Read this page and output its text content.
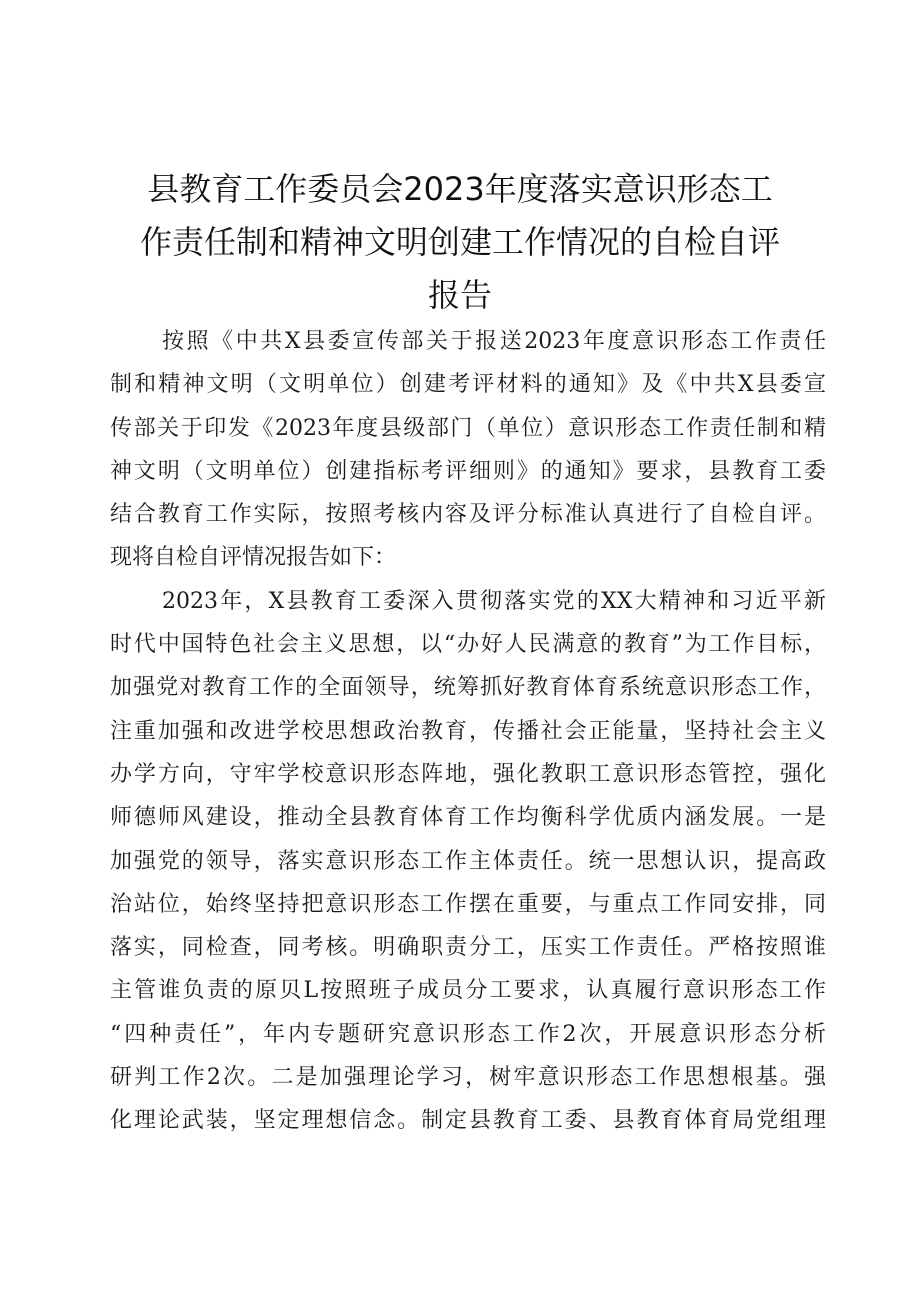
县教育工作委员会2023年度落实意识形态工
作责任制和精神文明创建工作情况的自检自评
报告
按照《中共X县委宣传部关于报送2023年度意识形态工作责任
制和精神文明（文明单位）创建考评材料的通知》及《中共X县委宣
传部关于印发《2023年度县级部门（单位）意识形态工作责任制和精
神文明（文明单位）创建指标考评细则》的通知》要求，县教育工委
结合教育工作实际，按照考核内容及评分标准认真进行了自检自评。
现将自检自评情况报告如下：
2023年，X县教育工委深入贯彻落实党的XX大精神和习近平新
时代中国特色社会主义思想，以“办好人民满意的教育”为工作目标，
加强党对教育工作的全面领导，统筹抓好教育体育系统意识形态工作，
注重加强和改进学校思想政治教育，传播社会正能量，坚持社会主义
办学方向，守牢学校意识形态阵地，强化教职工意识形态管控，强化
师德师风建设，推动全县教育体育工作均衡科学优质内涵发展。一是
加强党的领导，落实意识形态工作主体责任。统一思想认识，提高政
治站位，始终坚持把意识形态工作摆在重要，与重点工作同安排，同
落实，同检查，同考核。明确职责分工，压实工作责任。严格按照谁
主管谁负责的原贝L按照班子成员分工要求，认真履行意识形态工作
“四种责任”，年内专题研究意识形态工作2次，开展意识形态分析
研判工作2次。二是加强理论学习，树牢意识形态工作思想根基。强
化理论武装，坚定理想信念。制定县教育工委、县教育体育局党组理
